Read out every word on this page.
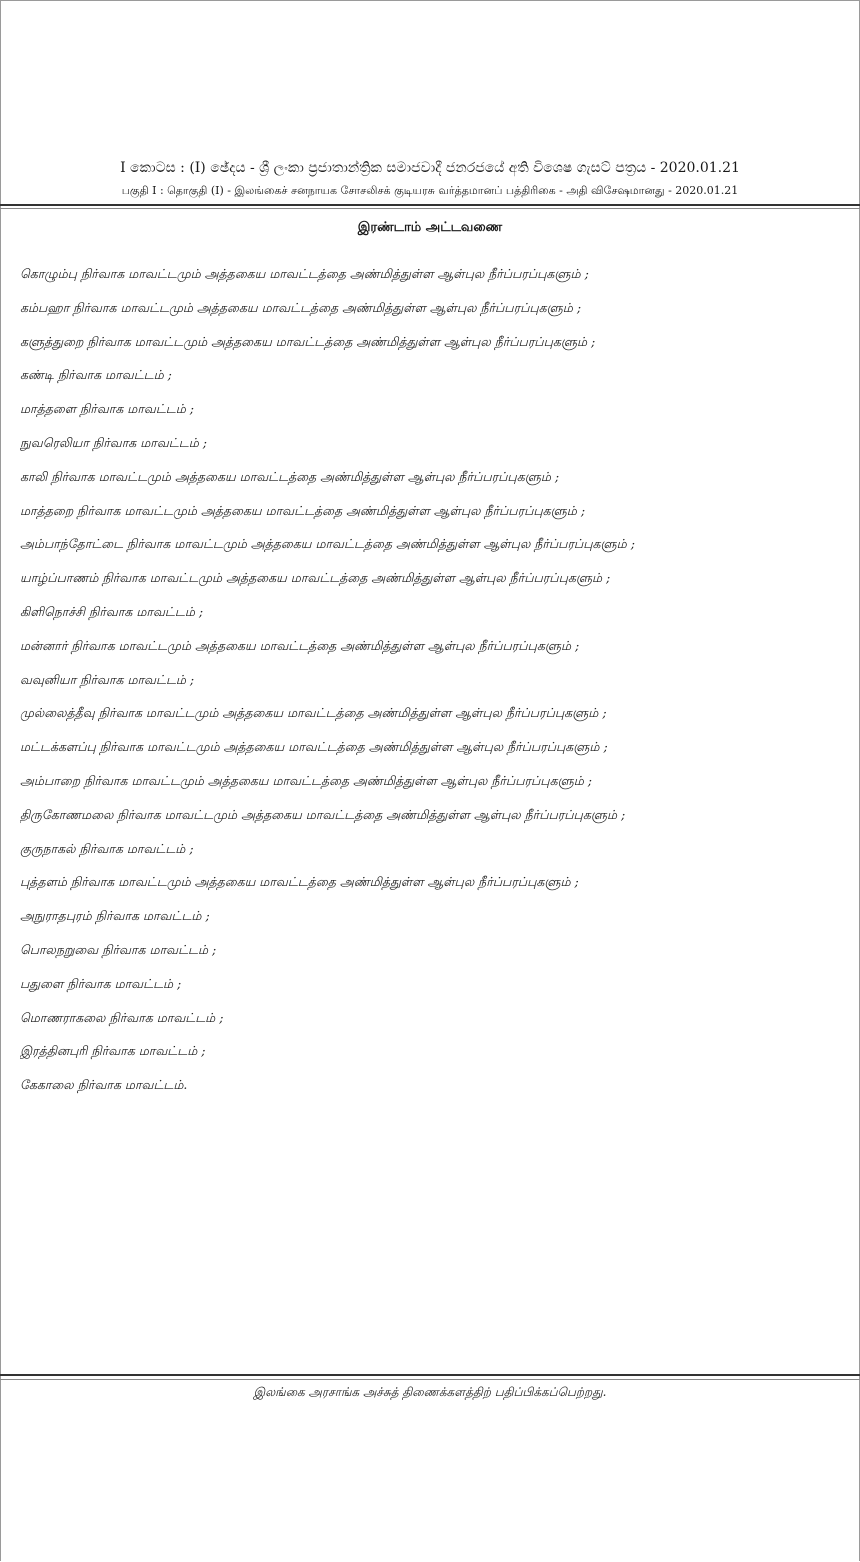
I කොටස : (I) ඡේදය - ශ්‍රී ලංකා ප්‍රජාතාන්ත්‍රික සමාජවාදී ජනරජයේ අති විශෙෂ ගැසට් පත්‍රය - 2020.01.21
பகுதி I : தொகுதி (I) - இலங்கைச் சனநாயக சோசலிசக் குடியரசு வர்த்தமானப் பத்திரிகை - அதி விசேஷமானது - 2020.01.21
இரண்டாம் அட்டவணை
கொழும்பு நிர்வாக மாவட்டமும் அத்தகைய மாவட்டத்தை அண்மித்துள்ள ஆள்புல நீர்ப்பரப்புகளும் ;
கம்பஹா நிர்வாக மாவட்டமும் அத்தகைய மாவட்டத்தை அண்மித்துள்ள ஆள்புல நீர்ப்பரப்புகளும் ;
களுத்துறை நிர்வாக மாவட்டமும் அத்தகைய மாவட்டத்தை அண்மித்துள்ள ஆள்புல நீர்ப்பரப்புகளும் ;
கண்டி நிர்வாக மாவட்டம் ;
மாத்தளை நிர்வாக மாவட்டம் ;
நுவரெலியா நிர்வாக மாவட்டம் ;
காலி நிர்வாக மாவட்டமும் அத்தகைய மாவட்டத்தை அண்மித்துள்ள ஆள்புல நீர்ப்பரப்புகளும் ;
மாத்தறை நிர்வாக மாவட்டமும் அத்தகைய மாவட்டத்தை அண்மித்துள்ள ஆள்புல நீர்ப்பரப்புகளும் ;
அம்பாந்தோட்டை நிர்வாக மாவட்டமும் அத்தகைய மாவட்டத்தை அண்மித்துள்ள ஆள்புல நீர்ப்பரப்புகளும் ;
யாழ்ப்பாணம் நிர்வாக மாவட்டமும் அத்தகைய மாவட்டத்தை அண்மித்துள்ள ஆள்புல நீர்ப்பரப்புகளும் ;
கிளிநொச்சி நிர்வாக மாவட்டம் ;
மன்னார் நிர்வாக மாவட்டமும் அத்தகைய மாவட்டத்தை அண்மித்துள்ள ஆள்புல நீர்ப்பரப்புகளும் ;
வவுனியா நிர்வாக மாவட்டம் ;
முல்லைத்தீவு நிர்வாக மாவட்டமும் அத்தகைய மாவட்டத்தை அண்மித்துள்ள ஆள்புல நீர்ப்பரப்புகளும் ;
மட்டக்களப்பு நிர்வாக மாவட்டமும் அத்தகைய மாவட்டத்தை அண்மித்துள்ள ஆள்புல நீர்ப்பரப்புகளும் ;
அம்பாறை நிர்வாக மாவட்டமும் அத்தகைய மாவட்டத்தை அண்மித்துள்ள ஆள்புல நீர்ப்பரப்புகளும் ;
திருகோணமலை நிர்வாக மாவட்டமும் அத்தகைய மாவட்டத்தை அண்மித்துள்ள ஆள்புல நீர்ப்பரப்புகளும் ;
குருநாகல் நிர்வாக மாவட்டம் ;
புத்தளம் நிர்வாக மாவட்டமும் அத்தகைய மாவட்டத்தை அண்மித்துள்ள ஆள்புல நீர்ப்பரப்புகளும் ;
அநுராதபுரம் நிர்வாக மாவட்டம் ;
பொலநறுவை நிர்வாக மாவட்டம் ;
பதுளை நிர்வாக மாவட்டம் ;
மொணராகலை நிர்வாக மாவட்டம் ;
இரத்தினபுரி நிர்வாக மாவட்டம் ;
கேகாலை நிர்வாக மாவட்டம்.
இலங்கை அரசாங்க அச்சுத் திணைக்களத்திற் பதிப்பிக்கப்பெற்றது.
